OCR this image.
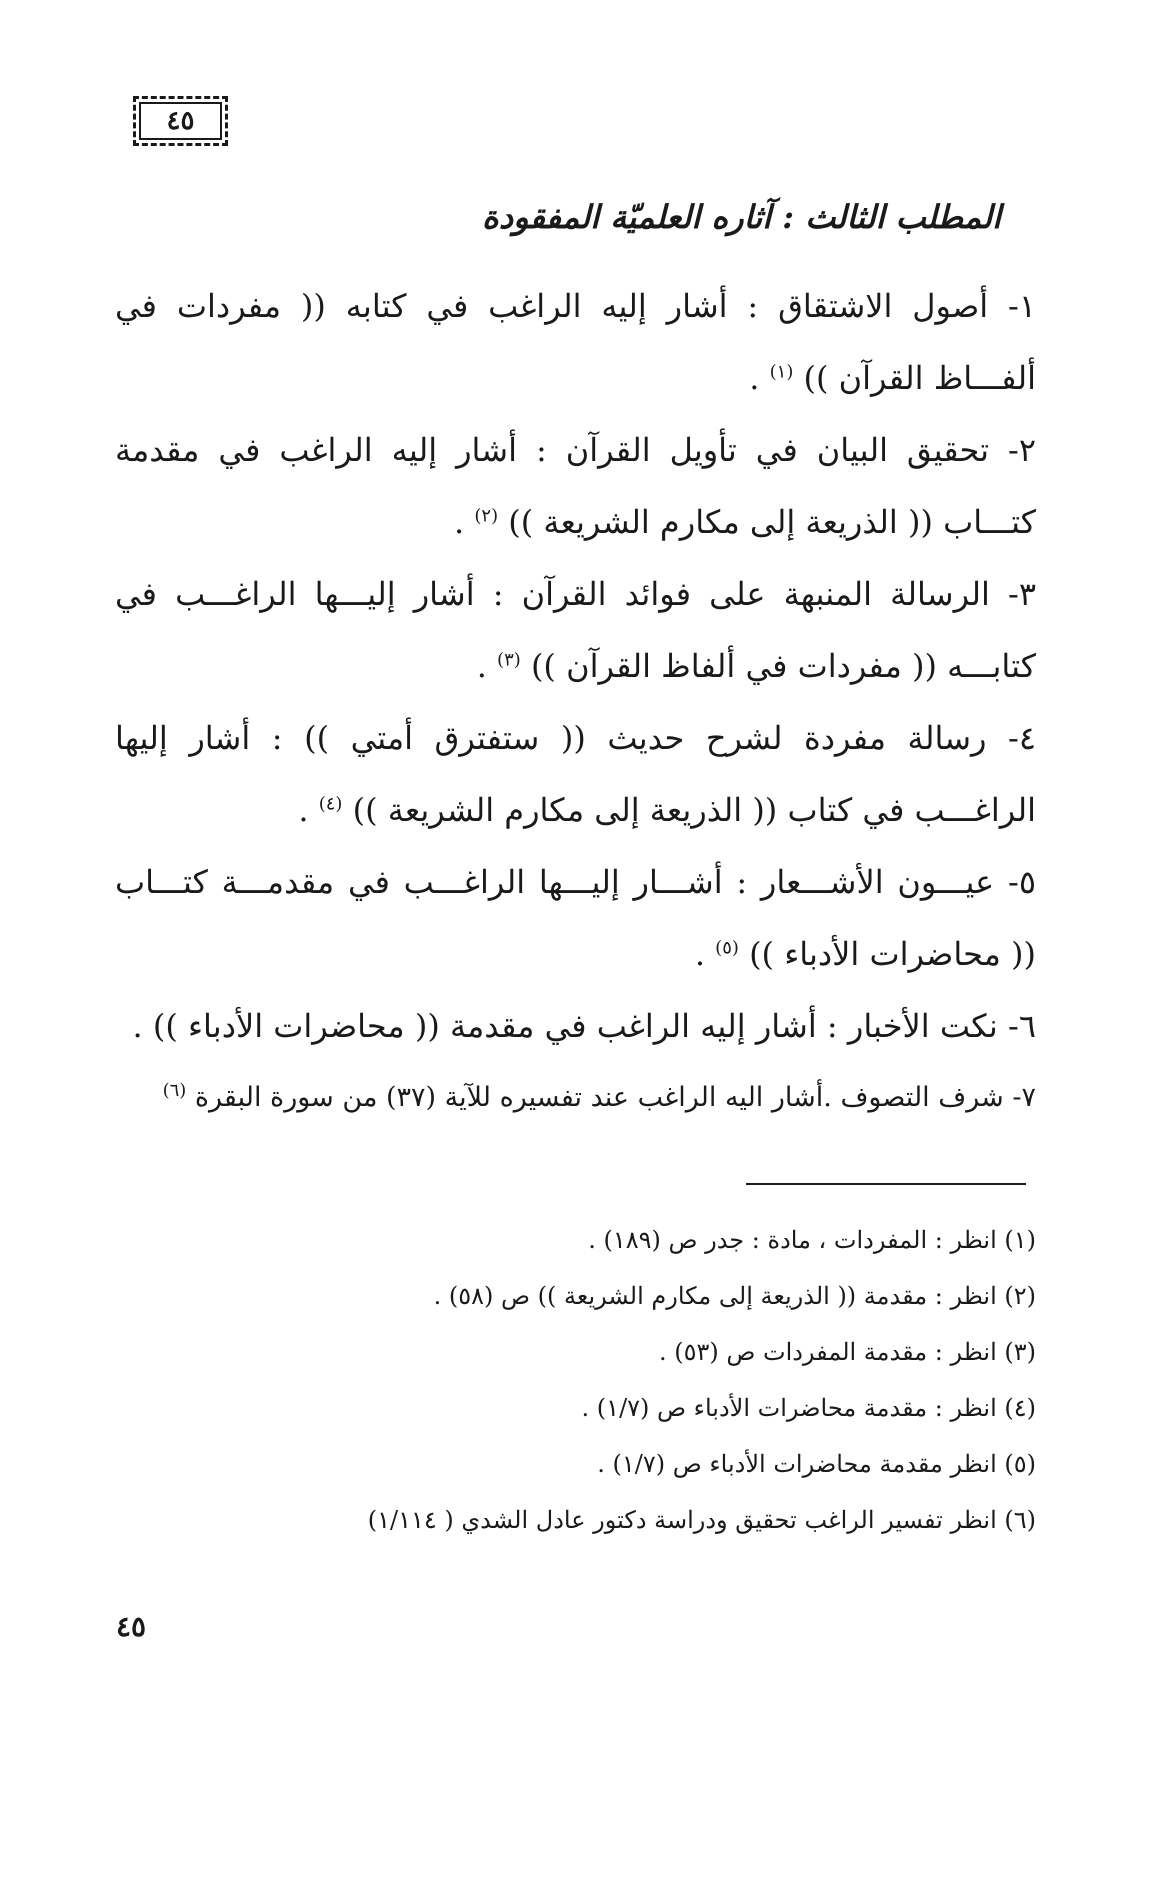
٤٥
المطلب الثالث : آثاره العلميّة المفقودة

١- أصول الاشتقاق : أشار إليه الراغب في كتابه (( مفردات في ألفـــاظ القرآن )) $^{(١)}$ .

٢- تحقيق البيان في تأويل القرآن : أشار إليه الراغب في مقدمة كتـــاب (( الذريعة إلى مكارم الشريعة )) $^{(٢)}$ .

٣- الرسالة المنبهة على فوائد القرآن : أشار إليـــها الراغـــب في كتابـــه (( مفردات في ألفاظ القرآن )) $^{(٣)}$ .

٤- رسالة مفردة لشرح حديث (( ستفترق أمتي )) : أشار إليها الراغـــب في كتاب (( الذريعة إلى مكارم الشريعة )) $^{(٤)}$ .

٥- عيـــون الأشـــعار : أشـــار إليـــها الراغـــب في مقدمـــة كتـــاب (( محاضرات الأدباء )) $^{(٥)}$ .

٦- نكت الأخبار : أشار إليه الراغب في مقدمة (( محاضرات الأدباء )) .

٧- شرف التصوف .أشار اليه الراغب عند تفسيره للآية (٣٧) من سورة البقرة $^{(٦)}$

(١) انظر : المفردات ، مادة : جدر ص (١٨٩) .

(٢) انظر : مقدمة (( الذريعة إلى مكارم الشريعة )) ص (٥٨) .

(٣) انظر : مقدمة المفردات ص (٥٣) .

(٤) انظر : مقدمة محاضرات الأدباء ص (١/٧) .

(٥) انظر مقدمة محاضرات الأدباء ص (١/٧) .

(٦) انظر تفسير الراغب تحقيق ودراسة دكتور عادل الشدي ( ١/١١٤)

٤٥
